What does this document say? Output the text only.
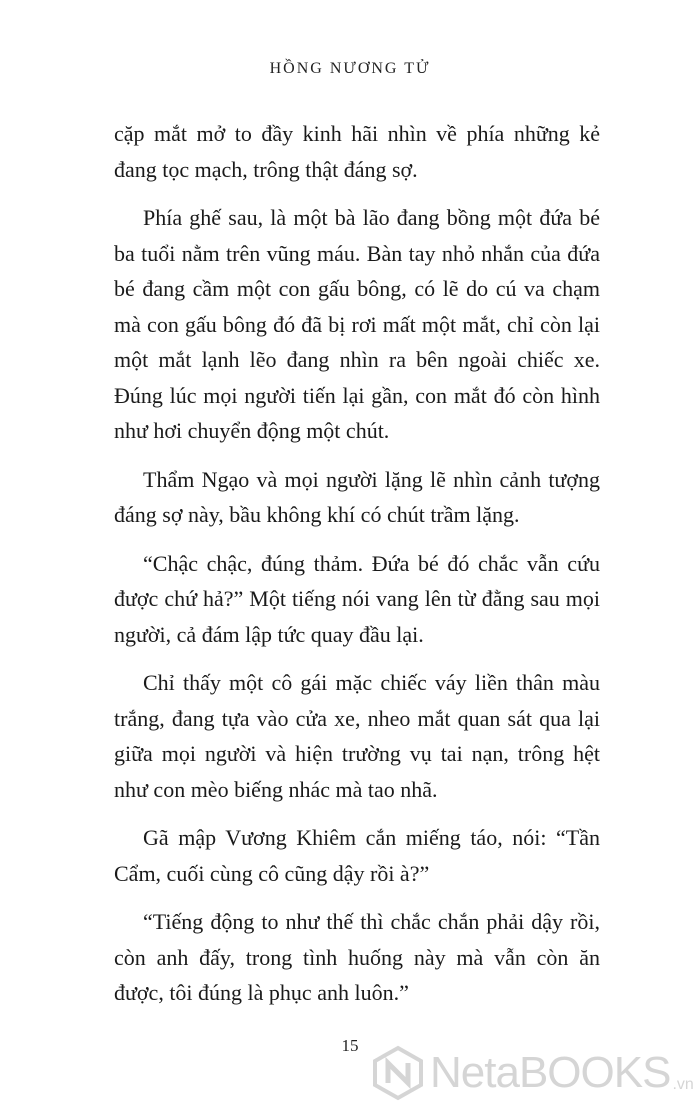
HỒNG NƯƠNG TỬ

cặp mắt mở to đầy kinh hãi nhìn về phía những kẻ đang tọc mạch, trông thật đáng sợ.

Phía ghế sau, là một bà lão đang bồng một đứa bé ba tuổi nằm trên vũng máu. Bàn tay nhỏ nhắn của đứa bé đang cầm một con gấu bông, có lẽ do cú va chạm mà con gấu bông đó đã bị rơi mất một mắt, chỉ còn lại một mắt lạnh lẽo đang nhìn ra bên ngoài chiếc xe. Đúng lúc mọi người tiến lại gần, con mắt đó còn hình như hơi chuyển động một chút.

Thẩm Ngạo và mọi người lặng lẽ nhìn cảnh tượng đáng sợ này, bầu không khí có chút trầm lặng.

“Chậc chậc, đúng thảm. Đứa bé đó chắc vẫn cứu được chứ hả?” Một tiếng nói vang lên từ đằng sau mọi người, cả đám lập tức quay đầu lại.

Chỉ thấy một cô gái mặc chiếc váy liền thân màu trắng, đang tựa vào cửa xe, nheo mắt quan sát qua lại giữa mọi người và hiện trường vụ tai nạn, trông hệt như con mèo biếng nhác mà tao nhã.

Gã mập Vương Khiêm cắn miếng táo, nói: “Tần Cẩm, cuối cùng cô cũng dậy rồi à?”

“Tiếng động to như thế thì chắc chắn phải dậy rồi, còn anh đấy, trong tình huống này mà vẫn còn ăn được, tôi đúng là phục anh luôn.”

15
NetaBOOKS .vn
